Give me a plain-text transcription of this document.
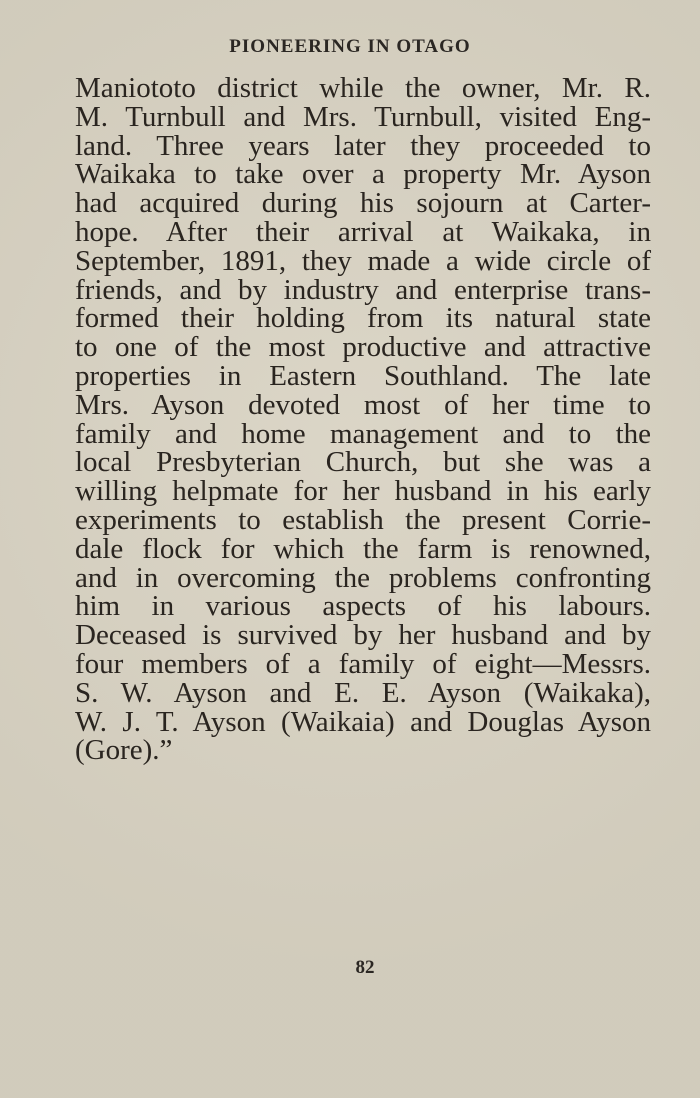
PIONEERING IN OTAGO
Maniototo district while the owner, Mr. R.
M. Turnbull and Mrs. Turnbull, visited Eng-
land. Three years later they proceeded to
Waikaka to take over a property Mr. Ayson
had acquired during his sojourn at Carter-
hope. After their arrival at Waikaka, in
September, 1891, they made a wide circle of
friends, and by industry and enterprise trans-
formed their holding from its natural state
to one of the most productive and attractive
properties in Eastern Southland. The late
Mrs. Ayson devoted most of her time to
family and home management and to the
local Presbyterian Church, but she was a
willing helpmate for her husband in his early
experiments to establish the present Corrie-
dale flock for which the farm is renowned,
and in overcoming the problems confronting
him in various aspects of his labours.
Deceased is survived by her husband and by
four members of a family of eight—Messrs.
S. W. Ayson and E. E. Ayson (Waikaka),
W. J. T. Ayson (Waikaia) and Douglas Ayson
(Gore).”
82
